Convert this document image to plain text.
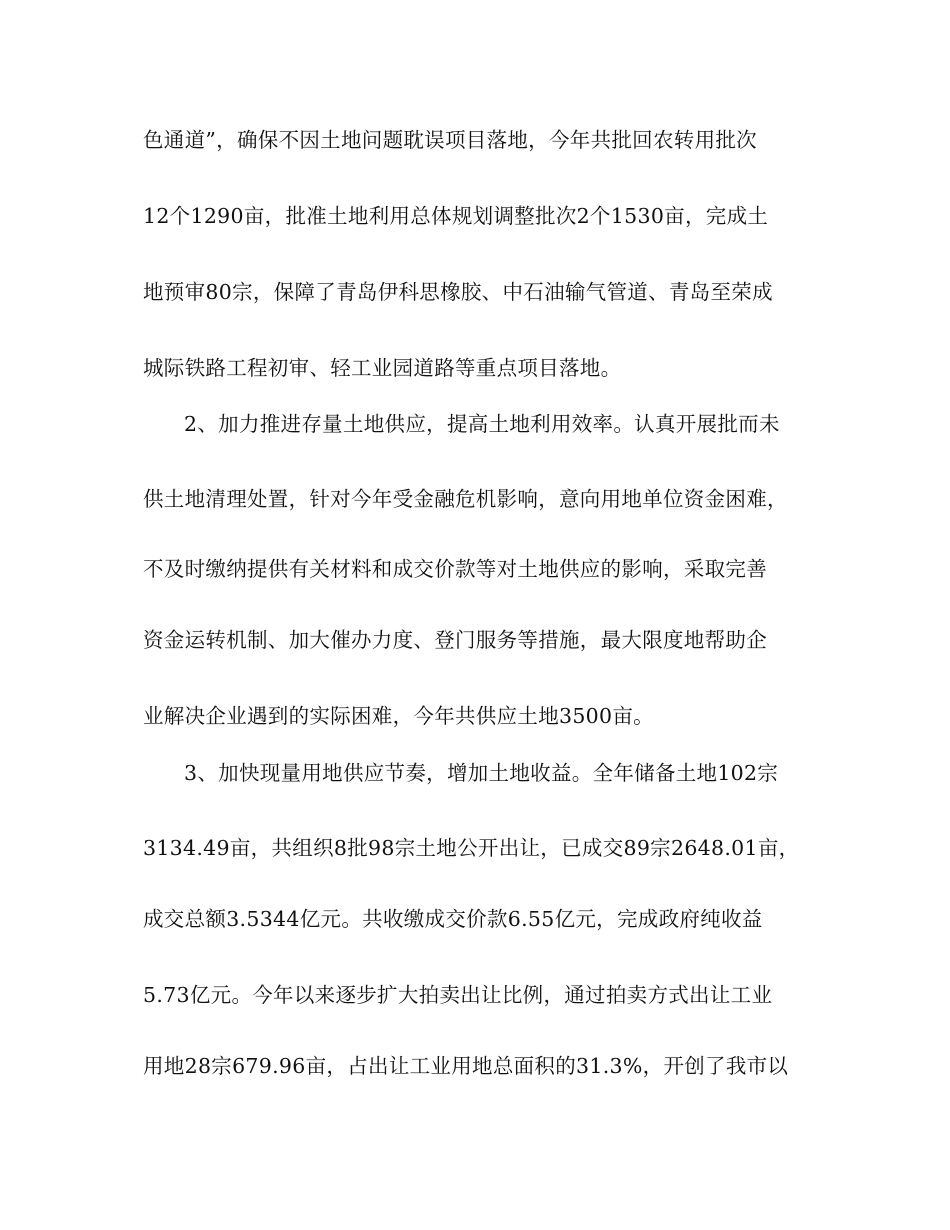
色通道”，确保不因土地问题耽误项目落地，今年共批回农转用批次
12个1290亩，批准土地利用总体规划调整批次2个1530亩，完成土
地预审80宗，保障了青岛伊科思橡胶、中石油输气管道、青岛至荣成
城际铁路工程初审、轻工业园道路等重点项目落地。
2、加力推进存量土地供应，提高土地利用效率。认真开展批而未
供土地清理处置，针对今年受金融危机影响，意向用地单位资金困难，
不及时缴纳提供有关材料和成交价款等对土地供应的影响，采取完善
资金运转机制、加大催办力度、登门服务等措施，最大限度地帮助企
业解决企业遇到的实际困难，今年共供应土地3500亩。
3、加快现量用地供应节奏，增加土地收益。全年储备土地102宗
3134.49亩，共组织8批98宗土地公开出让，已成交89宗2648.01亩，
成交总额3.5344亿元。共收缴成交价款6.55亿元，完成政府纯收益
5.73亿元。今年以来逐步扩大拍卖出让比例，通过拍卖方式出让工业
用地28宗679.96亩，占出让工业用地总面积的31.3%，开创了我市以
